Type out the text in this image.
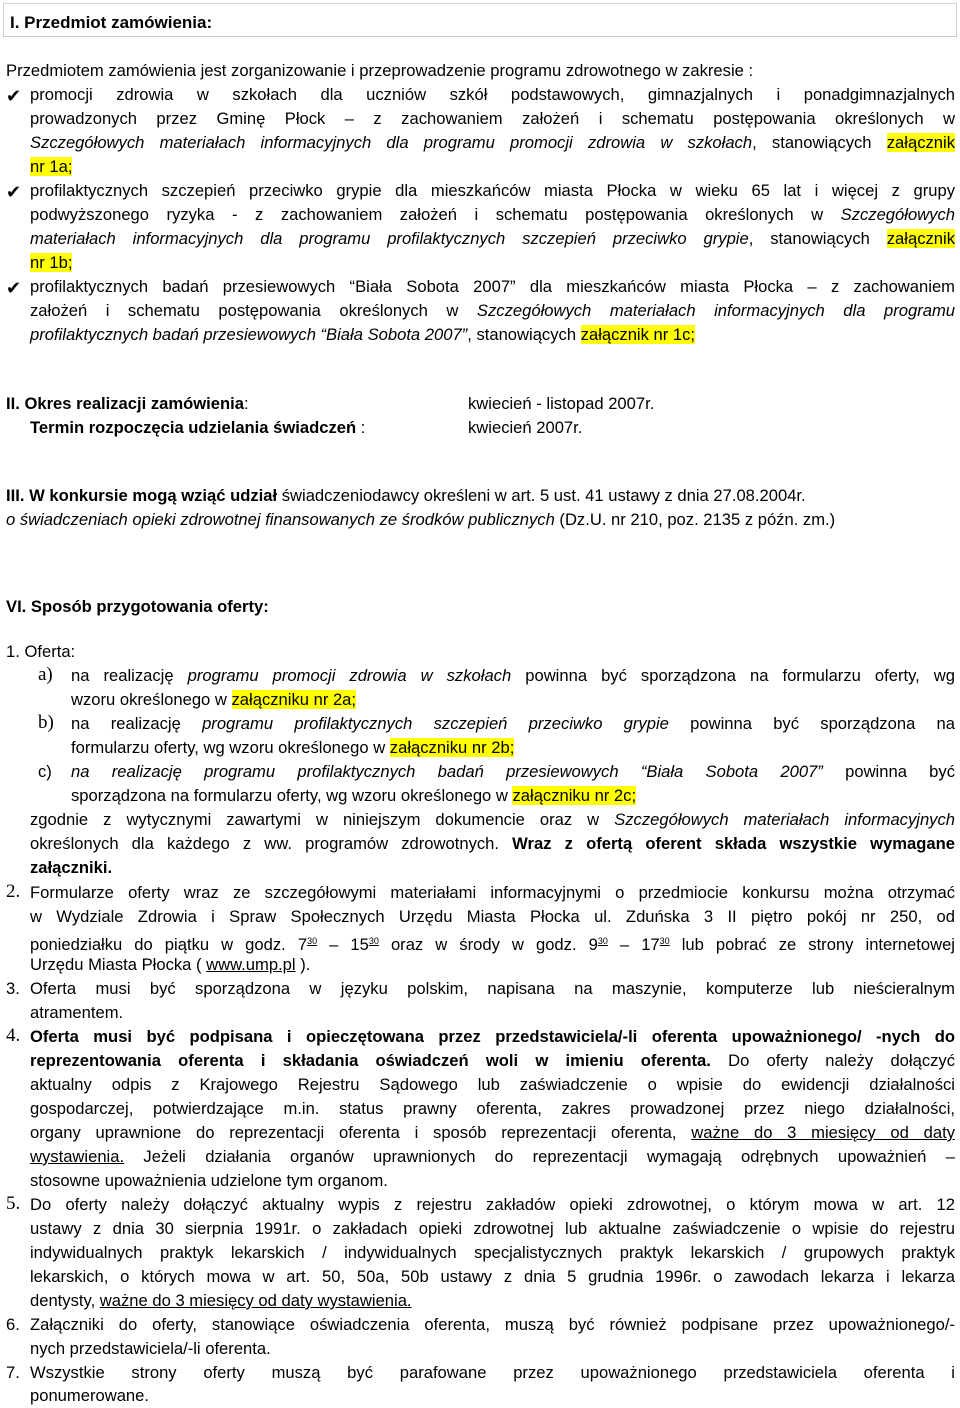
I. Przedmiot zamówienia:
Przedmiotem zamówienia jest zorganizowanie i przeprowadzenie programu zdrowotnego w zakresie :
✔ promocji zdrowia w szkołach dla uczniów szkół podstawowych, gimnazjalnych i ponadgimnazjalnych
prowadzonych przez Gminę Płock – z zachowaniem założeń i schematu postępowania określonych w
Szczegółowych materiałach informacyjnych dla programu promocji zdrowia w szkołach, stanowiących załącznik
nr 1a;
✔ profilaktycznych szczepień przeciwko grypie dla mieszkańców miasta Płocka w wieku 65 lat i więcej z grupy
podwyższonego ryzyka - z zachowaniem założeń i schematu postępowania określonych w Szczegółowych
materiałach informacyjnych dla programu profilaktycznych szczepień przeciwko grypie, stanowiących załącznik
nr 1b;
✔ profilaktycznych badań przesiewowych “Biała Sobota 2007” dla mieszkańców miasta Płocka – z zachowaniem
założeń i schematu postępowania określonych w Szczegółowych materiałach informacyjnych dla programu
profilaktycznych badań przesiewowych “Biała Sobota 2007”, stanowiących załącznik nr 1c;
II. Okres realizacji zamówienia:	kwiecień - listopad 2007r.
Termin rozpoczęcia udzielania świadczeń :	kwiecień 2007r.
III. W konkursie mogą wziąć udział świadczeniodawcy określeni w art. 5 ust. 41 ustawy z dnia 27.08.2004r.
o świadczeniach opieki zdrowotnej finansowanych ze środków publicznych (Dz.U. nr 210, poz. 2135 z późn. zm.)
VI. Sposób przygotowania oferty:
1. Oferta:
a) na realizację programu promocji zdrowia w szkołach powinna być sporządzona na formularzu oferty, wg
wzoru określonego w załączniku nr 2a;
b) na realizację programu profilaktycznych szczepień przeciwko grypie powinna być sporządzona na
formularzu oferty, wg wzoru określonego w załączniku nr 2b;
c) na realizację programu profilaktycznych badań przesiewowych “Biała Sobota 2007” powinna być
sporządzona na formularzu oferty, wg wzoru określonego w załączniku nr 2c;
zgodnie z wytycznymi zawartymi w niniejszym dokumencie oraz w Szczegółowych materiałach informacyjnych
określonych dla każdego z ww. programów zdrowotnych. Wraz z ofertą oferent składa wszystkie wymagane
załączniki.
2. Formularze oferty wraz ze szczegółowymi materiałami informacyjnymi o przedmiocie konkursu można otrzymać
w Wydziale Zdrowia i Spraw Społecznych Urzędu Miasta Płocka ul. Zduńska 3 II piętro pokój nr 250, od
poniedziałku do piątku w godz. $7^{30} - 15^{30}$ oraz w środy w godz. $9^{30} - 17^{30}$ lub pobrać ze strony internetowej
Urzędu Miasta Płocka ( www.ump.pl ).
3. Oferta musi być sporządzona w języku polskim, napisana na maszynie, komputerze lub nieścieralnym
atramentem.
4. Oferta musi być podpisana i opieczętowana przez przedstawiciela/-li oferenta upoważnionego/ -nych do
reprezentowania oferenta i składania oświadczeń woli w imieniu oferenta. Do oferty należy dołączyć
aktualny odpis z Krajowego Rejestru Sądowego lub zaświadczenie o wpisie do ewidencji działalności
gospodarczej, potwierdzające m.in. status prawny oferenta, zakres prowadzonej przez niego działalności,
organy uprawnione do reprezentacji oferenta i sposób reprezentacji oferenta, ważne do 3 miesięcy od daty
wystawienia. Jeżeli działania organów uprawnionych do reprezentacji wymagają odrębnych upoważnień –
stosowne upoważnienia udzielone tym organom.
5. Do oferty należy dołączyć aktualny wypis z rejestru zakładów opieki zdrowotnej, o którym mowa w art. 12
ustawy z dnia 30 sierpnia 1991r. o zakładach opieki zdrowotnej lub aktualne zaświadczenie o wpisie do rejestru
indywidualnych praktyk lekarskich / indywidualnych specjalistycznych praktyk lekarskich / grupowych praktyk
lekarskich, o których mowa w art. 50, 50a, 50b ustawy z dnia 5 grudnia 1996r. o zawodach lekarza i lekarza
dentysty, ważne do 3 miesięcy od daty wystawienia.
6. Załączniki do oferty, stanowiące oświadczenia oferenta, muszą być również podpisane przez upoważnionego/-
nych przedstawiciela/-li oferenta.
7. Wszystkie strony oferty muszą być parafowane przez upoważnionego przedstawiciela oferenta i
ponumerowane.
